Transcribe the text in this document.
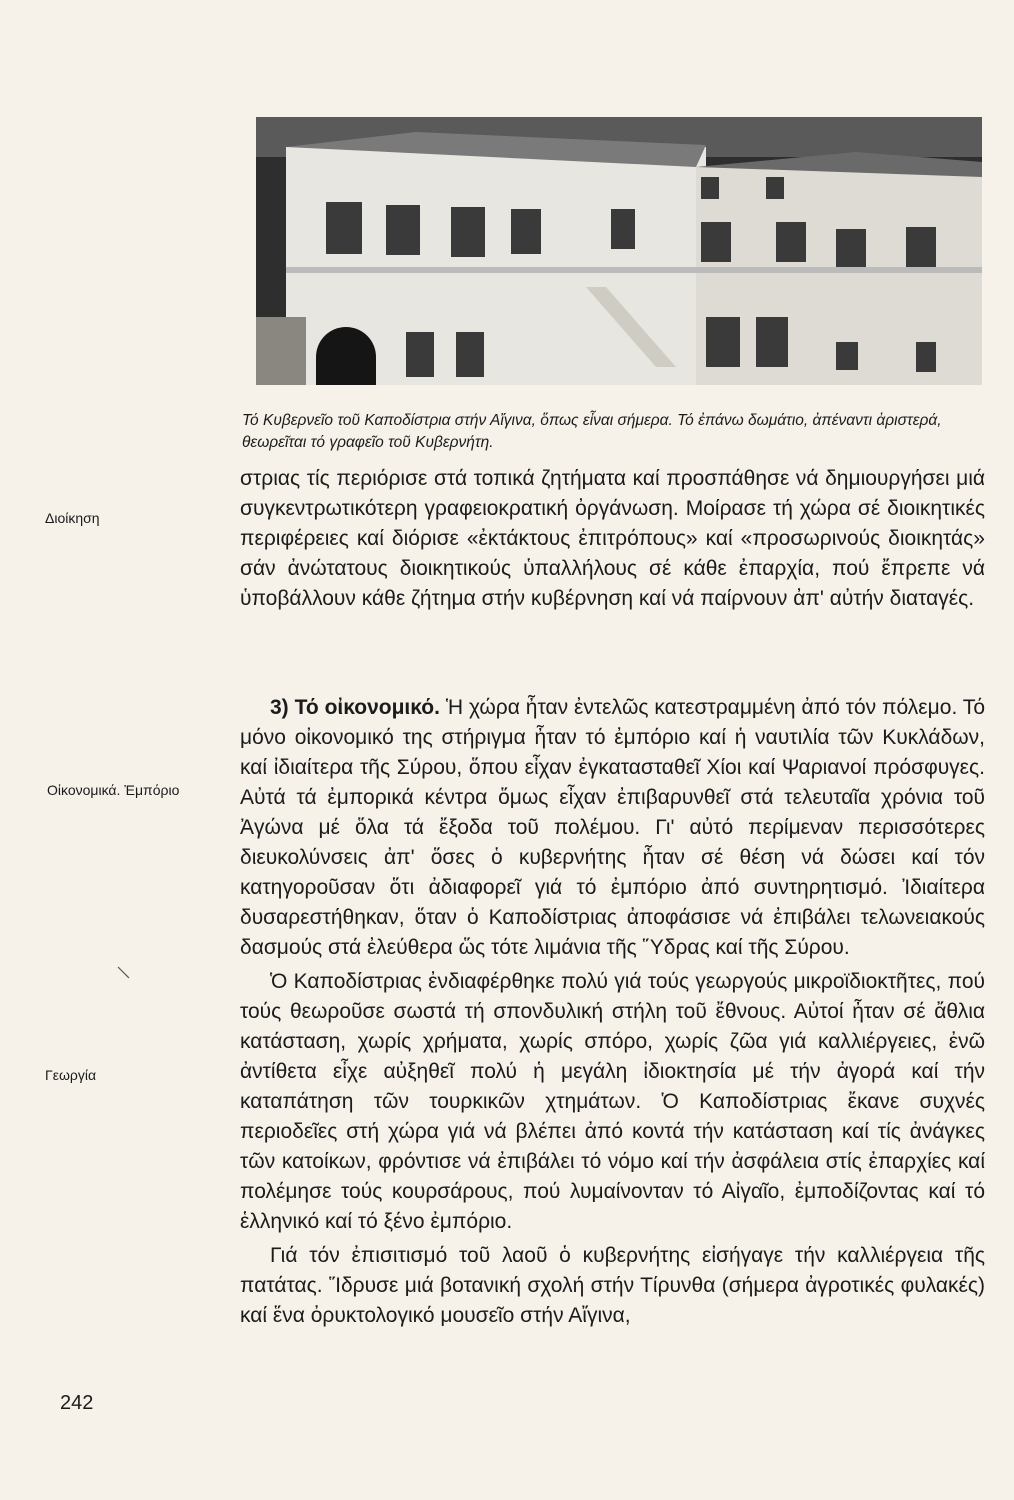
Τό Κυβερνεῖο τοῦ Καποδίστρια στήν Αἴγινα, ὅπως εἶναι σήμερα. Τό ἐπάνω δωμάτιο, ἀπέναντι ἀριστερά, θεωρεῖται τό γραφεῖο τοῦ Κυβερνήτη.
Διοίκηση
Οἰκονομικά. Ἐμπόριο
Γεωργία

στριας τίς περιόρισε στά τοπικά ζητήματα καί προσπάθησε νά δημιουργήσει μιά συγκεντρωτικότερη γραφειοκρατική ὀργάνωση. Μοίρασε τή χώρα σέ διοικητικές περιφέρειες καί διόρισε «ἐκτάκτους ἐπιτρόπους» καί «προσωρινούς διοικητάς» σάν ἀνώτατους διοικητικούς ὑπαλλήλους σέ κάθε ἐπαρχία, πού ἔπρεπε νά ὑποβάλλουν κάθε ζήτημα στήν κυβέρνηση καί νά παίρνουν ἀπ' αὐτήν διαταγές.

3) Τό οἰκονομικό. Ἡ χώρα ἦταν ἐντελῶς κατεστραμμένη ἀπό τόν πόλεμο. Τό μόνο οἰκονομικό της στήριγμα ἦταν τό ἐμπόριο καί ἡ ναυτιλία τῶν Κυκλάδων, καί ἰδιαίτερα τῆς Σύρου, ὅπου εἶχαν ἐγκατασταθεῖ Χίοι καί Ψαριανοί πρόσφυγες. Αὐτά τά ἐμπορικά κέντρα ὅμως εἶχαν ἐπιβαρυνθεῖ στά τελευταῖα χρόνια τοῦ Ἀγώνα μέ ὅλα τά ἔξοδα τοῦ πολέμου. Γι' αὐτό περίμεναν περισσότερες διευκολύνσεις ἀπ' ὅσες ὁ κυβερνήτης ἦταν σέ θέση νά δώσει καί τόν κατηγοροῦσαν ὅτι ἀδιαφορεῖ γιά τό ἐμπόριο ἀπό συντηρητισμό. Ἰδιαίτερα δυσαρεστήθηκαν, ὅταν ὁ Καποδίστριας ἀποφάσισε νά ἐπιβάλει τελωνειακούς δασμούς στά ἐλεύθερα ὥς τότε λιμάνια τῆς Ὕδρας καί τῆς Σύρου.

Ὁ Καποδίστριας ἐνδιαφέρθηκε πολύ γιά τούς γεωργούς μικροϊδιοκτῆτες, πού τούς θεωροῦσε σωστά τή σπονδυλική στήλη τοῦ ἔθνους. Αὐτοί ἦταν σέ ἄθλια κατάσταση, χωρίς χρήματα, χωρίς σπόρο, χωρίς ζῶα γιά καλλιέργειες, ἐνῶ ἀντίθετα εἶχε αὐξηθεῖ πολύ ἡ μεγάλη ἰδιοκτησία μέ τήν ἀγορά καί τήν καταπάτηση τῶν τουρκικῶν χτημάτων. Ὁ Καποδίστριας ἔκανε συχνές περιοδεῖες στή χώρα γιά νά βλέπει ἀπό κοντά τήν κατάσταση καί τίς ἀνάγκες τῶν κατοίκων, φρόντισε νά ἐπιβάλει τό νόμο καί τήν ἀσφάλεια στίς ἐπαρχίες καί πολέμησε τούς κουρσάρους, πού λυμαίνονταν τό Αἰγαῖο, ἐμποδίζοντας καί τό ἑλληνικό καί τό ξένο ἐμπόριο.

Γιά τόν ἐπισιτισμό τοῦ λαοῦ ὁ κυβερνήτης εἰσήγαγε τήν καλλιέργεια τῆς πατάτας. Ἵδρυσε μιά βοτανική σχολή στήν Τίρυνθα (σήμερα ἀγροτικές φυλακές) καί ἕνα ὀρυκτολογικό μουσεῖο στήν Αἴγινα,

242
